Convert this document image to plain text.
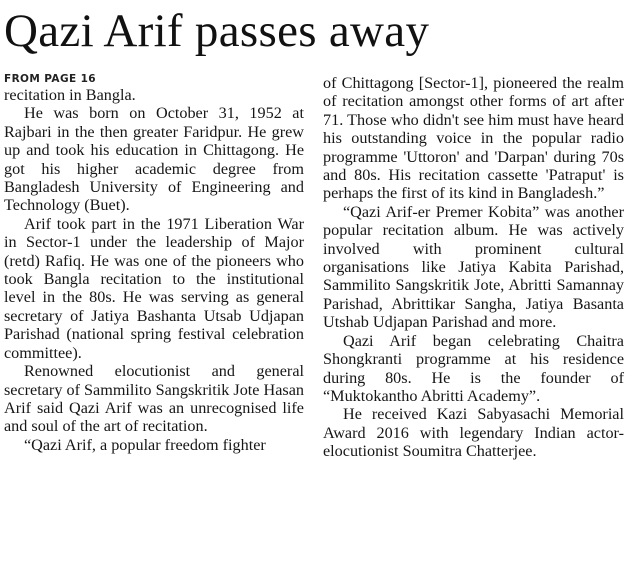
Qazi Arif passes away
FROM PAGE 16

recitation in Bangla.

He was born on October 31, 1952 at Rajbari in the then greater Faridpur. He grew up and took his education in Chittagong. He got his higher academic degree from Bangladesh University of Engineering and Technology (Buet).

Arif took part in the 1971 Liberation War in Sector-1 under the leadership of Major (retd) Rafiq. He was one of the pioneers who took Bangla recitation to the institutional level in the 80s. He was serving as general secretary of Jatiya Bashanta Utsab Udjapan Parishad (national spring festival celebration committee).

Renowned elocutionist and general secretary of Sammilito Sangskritik Jote Hasan Arif said Qazi Arif was an unrecognised life and soul of the art of recitation.

“Qazi Arif, a popular freedom fighter

of Chittagong [Sector-1], pioneered the realm of recitation amongst other forms of art after 71. Those who didn't see him must have heard his outstanding voice in the popular radio programme 'Uttoron' and 'Darpan' during 70s and 80s. His recitation cassette 'Patraput' is perhaps the first of its kind in Bangladesh.”

“Qazi Arif-er Premer Kobita” was another popular recitation album. He was actively involved with prominent cultural organisations like Jatiya Kabita Parishad, Sammilito Sangskritik Jote, Abritti Samannay Parishad, Abrittikar Sangha, Jatiya Basanta Utshab Udjapan Parishad and more.

Qazi Arif began celebrating Chaitra Shongkranti programme at his residence during 80s. He is the founder of “Muktokantho Abritti Academy”.

He received Kazi Sabyasachi Memorial Award 2016 with legendary Indian actor-elocutionist Soumitra Chatterjee.
